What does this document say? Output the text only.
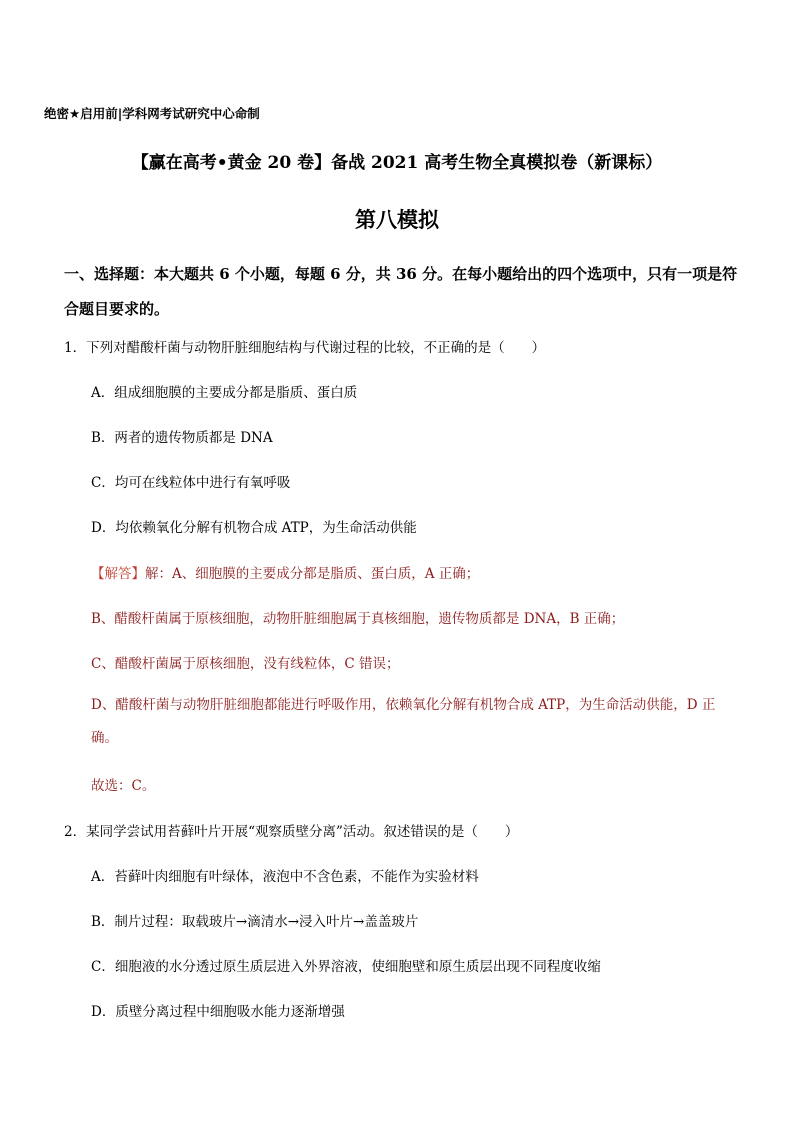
绝密★启用前|学科网考试研究中心命制
【赢在高考•黄金 20 卷】备战 2021 高考生物全真模拟卷（新课标）
第八模拟
一、选择题：本大题共 6 个小题，每题 6 分，共 36 分。在每小题给出的四个选项中，只有一项是符合题目要求的。
1．下列对醋酸杆菌与动物肝脏细胞结构与代谢过程的比较，不正确的是（　　）
A．组成细胞膜的主要成分都是脂质、蛋白质
B．两者的遗传物质都是 DNA
C．均可在线粒体中进行有氧呼吸
D．均依赖氧化分解有机物合成 ATP，为生命活动供能
【解答】解：A、细胞膜的主要成分都是脂质、蛋白质，A 正确；
B、醋酸杆菌属于原核细胞，动物肝脏细胞属于真核细胞，遗传物质都是 DNA，B 正确；
C、醋酸杆菌属于原核细胞，没有线粒体，C 错误；
D、醋酸杆菌与动物肝脏细胞都能进行呼吸作用，依赖氧化分解有机物合成 ATP，为生命活动供能，D 正确。
故选：C。
2．某同学尝试用苔藓叶片开展“观察质壁分离”活动。叙述错误的是（　　）
A．苔藓叶肉细胞有叶绿体，液泡中不含色素，不能作为实验材料
B．制片过程：取载玻片→滴清水→浸入叶片→盖盖玻片
C．细胞液的水分透过原生质层进入外界溶液，使细胞壁和原生质层出现不同程度收缩
D．质壁分离过程中细胞吸水能力逐渐增强
